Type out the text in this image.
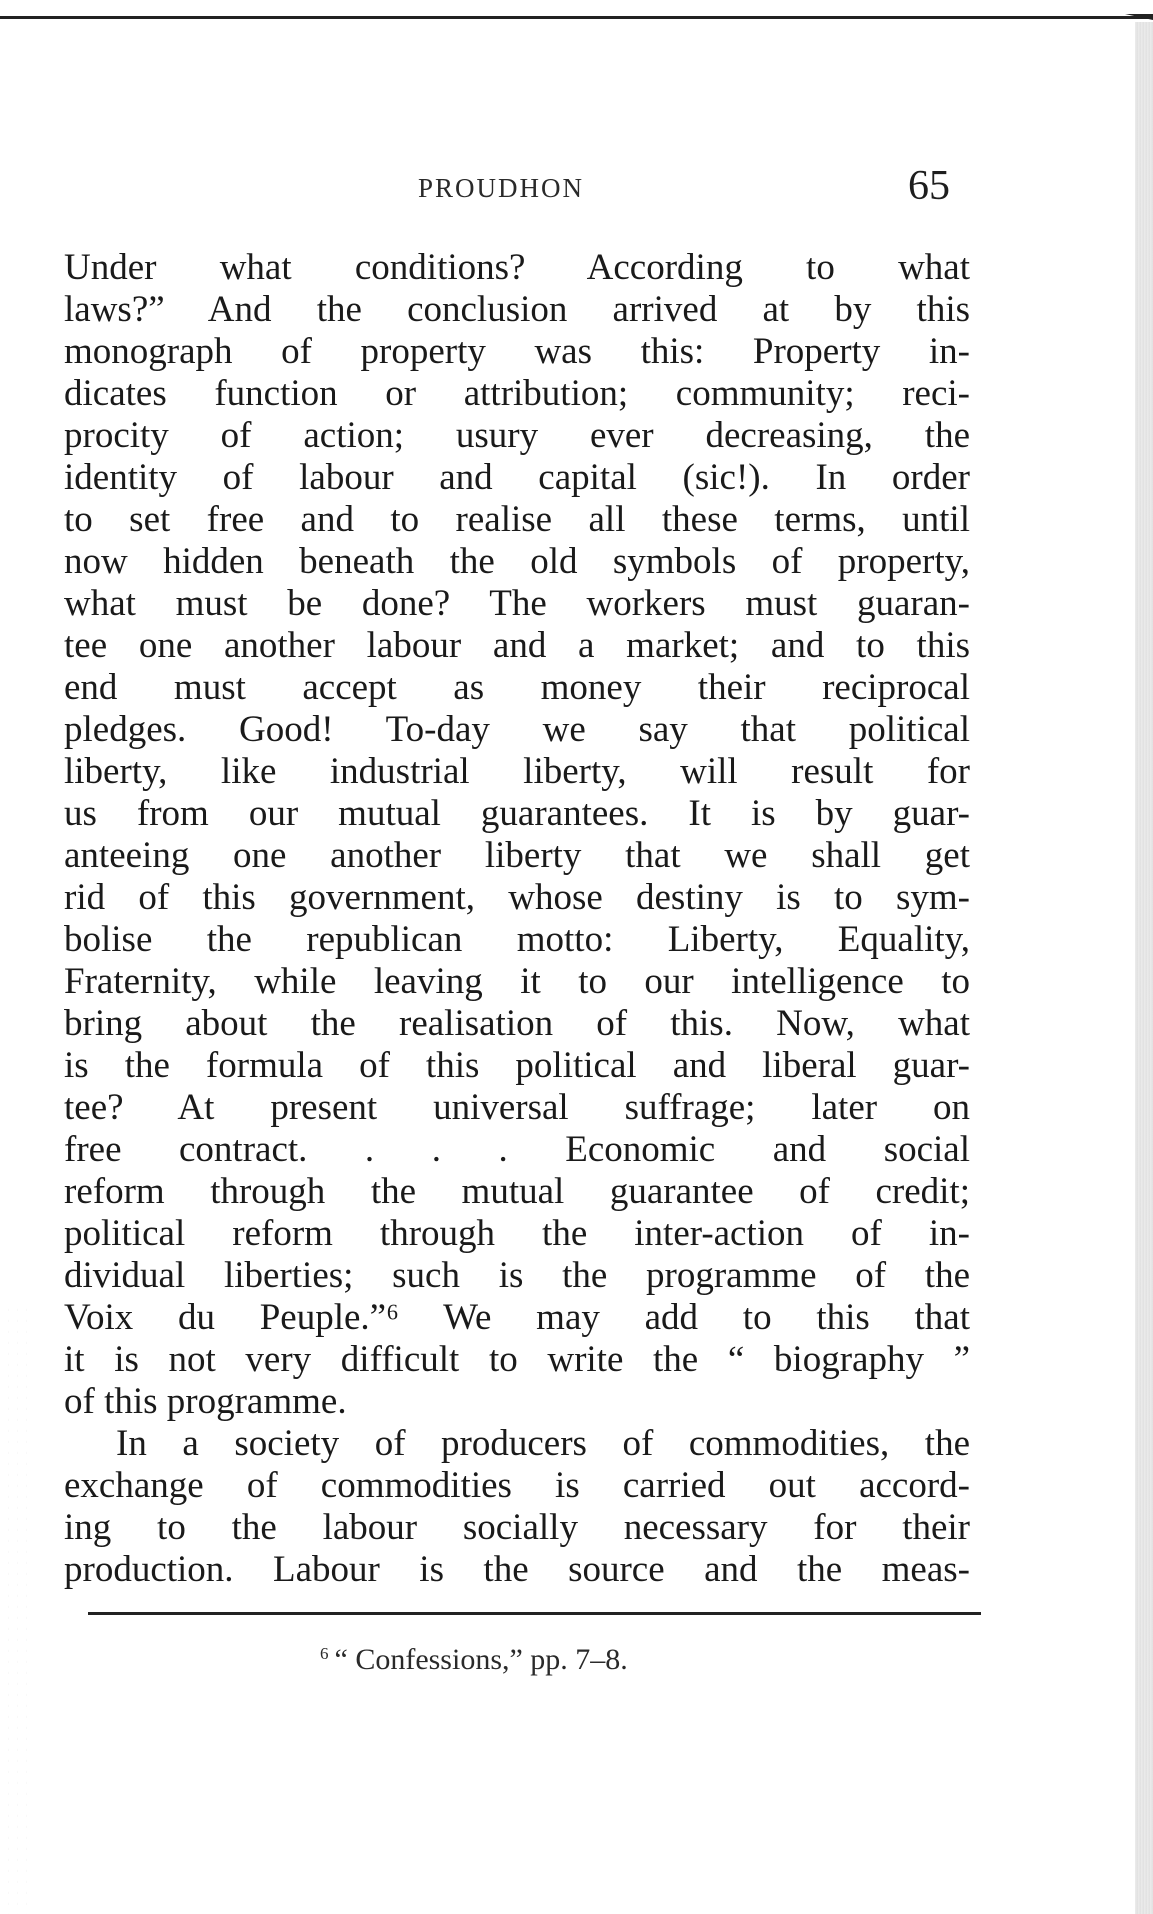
PROUDHON	65
Under what conditions? According to what
laws?” And the conclusion arrived at by this
monograph of property was this: Property in-
dicates function or attribution; community; reci-
procity of action; usury ever decreasing, the
identity of labour and capital (sic!). In order
to set free and to realise all these terms, until
now hidden beneath the old symbols of property,
what must be done? The workers must guaran-
tee one another labour and a market; and to this
end must accept as money their reciprocal
pledges. Good! To-day we say that political
liberty, like industrial liberty, will result for
us from our mutual guarantees. It is by guar-
anteeing one another liberty that we shall get
rid of this government, whose destiny is to sym-
bolise the republican motto: Liberty, Equality,
Fraternity, while leaving it to our intelligence to
bring about the realisation of this. Now, what
is the formula of this political and liberal guar-
tee? At present universal suffrage; later on
free contract. . . . Economic and social
reform through the mutual guarantee of credit;
political reform through the inter-action of in-
dividual liberties; such is the programme of the
Voix du Peuple.”⁶ We may add to this that
it is not very difficult to write the “ biography ”
of this programme.
In a society of producers of commodities, the
exchange of commodities is carried out accord-
ing to the labour socially necessary for their
production. Labour is the source and the meas-
$^6$ “ Confessions,” pp. 7–8.
